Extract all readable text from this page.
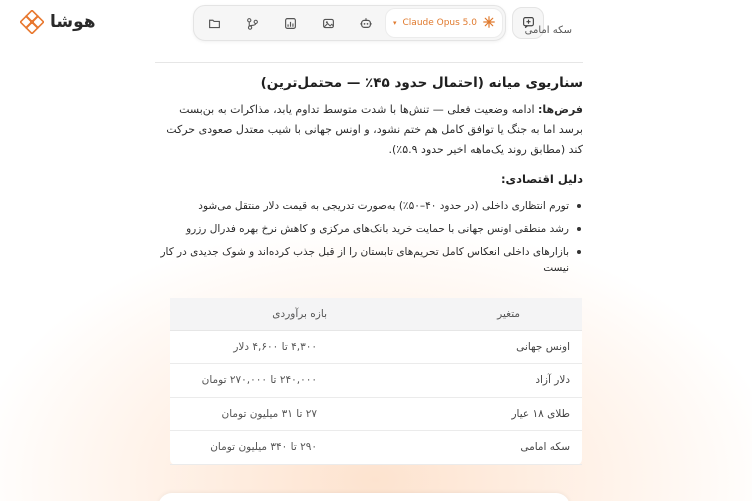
هوشا	▾ Claude Opus 5.0
سکه امامی
سناریوی میانه (احتمال حدود ۴۵٪ — محتمل‌ترین)

فرض‌ها: ادامه وضعیت فعلی — تنش‌ها با شدت متوسط تداوم یابد، مذاکرات به بن‌بست برسد اما به جنگ یا توافق کامل هم ختم نشود، و اونس جهانی با شیب معتدل صعودی حرکت کند (مطابق روند یک‌ماهه اخیر حدود ۵.۹٪).

دلیل اقتصادی:
تورم انتظاری داخلی (در حدود ۴۰–۵۰٪) به‌صورت تدریجی به قیمت دلار منتقل می‌شود
رشد منطقی اونس جهانی با حمایت خرید بانک‌های مرکزی و کاهش نرخ بهره فدرال رزرو
بازارهای داخلی انعکاس کامل تحریم‌های تابستان را از قبل جذب کرده‌اند و شوک جدیدی در کار نیست
متغیر	بازه برآوردی
اونس جهانی	۴,۳۰۰ تا ۴,۶۰۰ دلار
دلار آزاد	۲۴۰,۰۰۰ تا ۲۷۰,۰۰۰ تومان
طلای ۱۸ عیار	۲۷ تا ۳۱ میلیون تومان
سکه امامی	۲۹۰ تا ۳۴۰ میلیون تومان
